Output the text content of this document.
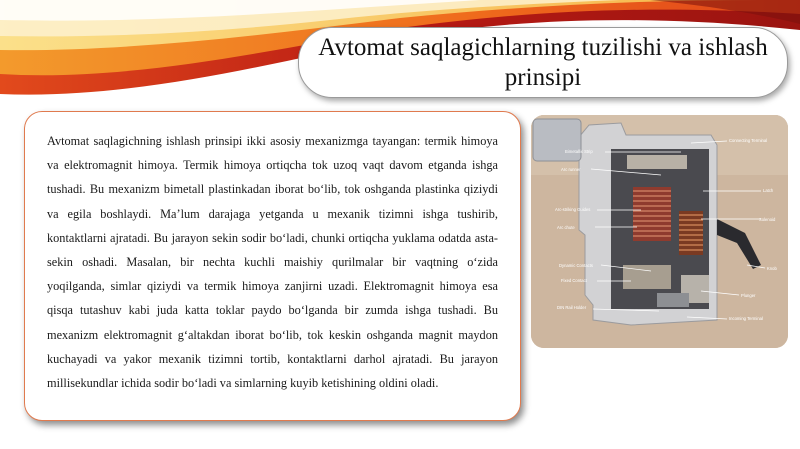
Avtomat saqlagichlarning tuzilishi va ishlash prinsipi

Avtomat saqlagichning ishlash prinsipi ikki asosiy mexanizmga tayangan: termik himoya va elektromagnit himoya. Termik himoya ortiqcha tok uzoq vaqt davom etganda ishga tushadi. Bu mexanizm bimetall plastinkadan iborat bo‘lib, tok oshganda plastinka qiziydi va egila boshlaydi. Ma’lum darajaga yetganda u mexanik tizimni ishga tushirib, kontaktlarni ajratadi. Bu jarayon sekin sodir bo‘ladi, chunki ortiqcha yuklama odatda asta-sekin oshadi. Masalan, bir nechta kuchli maishiy qurilmalar bir vaqtning o‘zida yoqilganda, simlar qiziydi va termik himoya zanjirni uzadi. Elektromagnit himoya esa qisqa tutashuv kabi juda katta toklar paydo bo‘lganda bir zumda ishga tushadi. Bu mexanizm elektromagnit g‘altakdan iborat bo‘lib, tok keskin oshganda magnit maydon kuchayadi va yakor mexanik tizimni tortib, kontaktlarni darhol ajratadi. Bu jarayon millisekundlar ichida sodir bo‘ladi va simlarning kuyib ketishining oldini oladi.

Bimetallic Strip
Arc runner
Arc-striking Guides
Arc chute
Dynamic Contacts
Fixed Contact
DIN Rail Holder
Connecting Terminal
Latch
Solenoid
Knob
Plunger
Incoming Terminal
